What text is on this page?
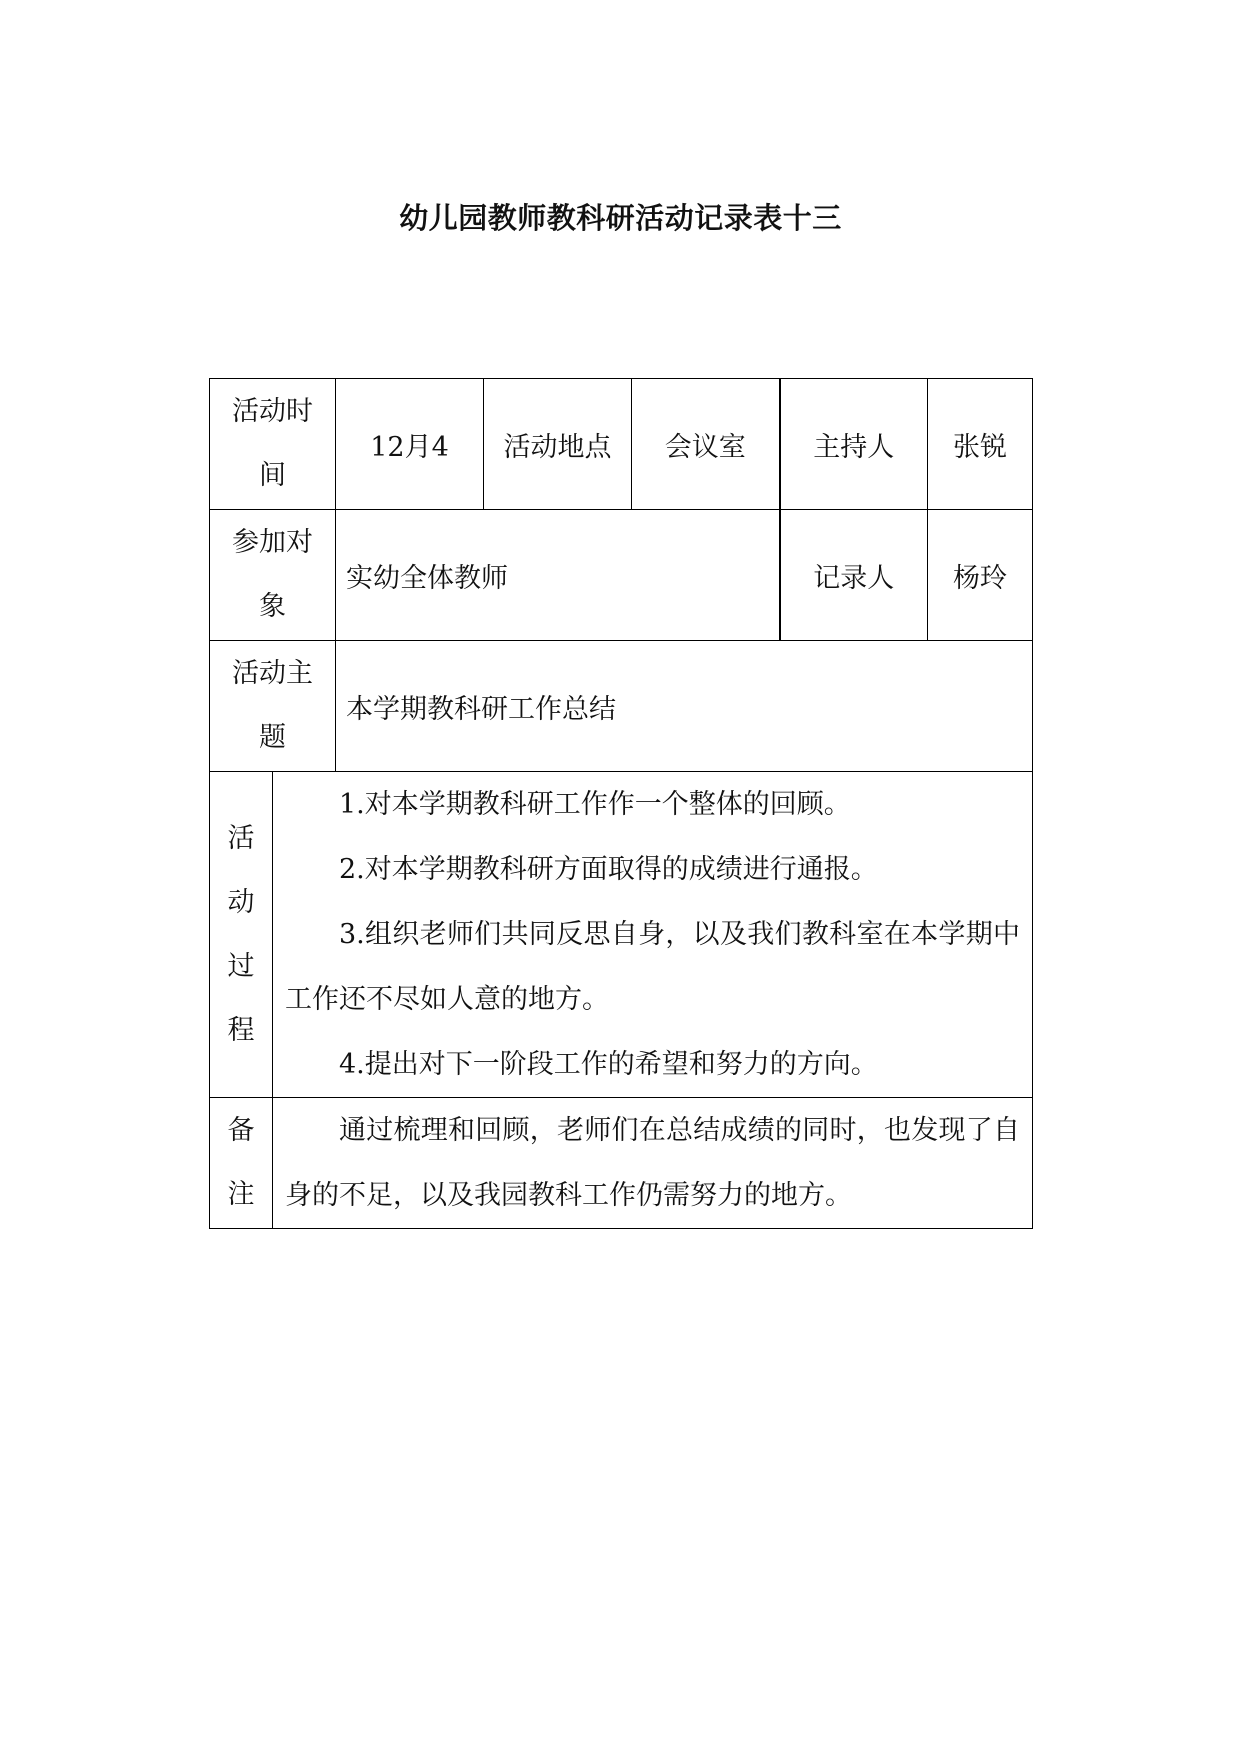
幼儿园教师教科研活动记录表十三
活动时间		12月4	活动地点	会议室	主持人	张锐

参加对象		实幼全体教师			记录人	杨玲

活动主题		本学期教科研工作总结				

活动过程	1.对本学期教科研工作作一个整体的回顾。

2.对本学期教科研方面取得的成绩进行通报。

3.组织老师们共同反思自身，以及我们教科室在本学期中工作还不尽如人意的地方。

4.提出对下一阶段工作的希望和努力的方向。					

备注	通过梳理和回顾，老师们在总结成绩的同时，也发现了自身的不足，以及我园教科工作仍需努力的地方。					
